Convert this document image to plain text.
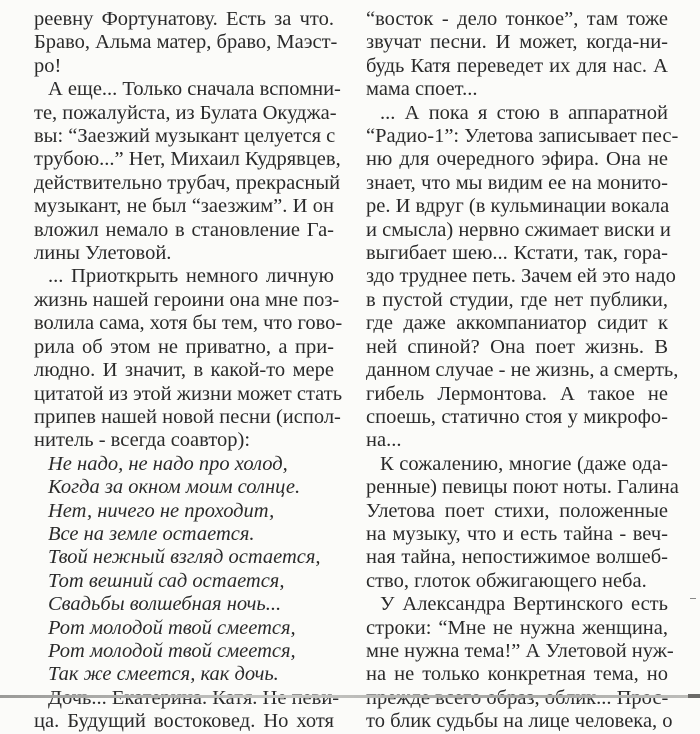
реевну Фортунатову. Есть за что.
Браво, Альма матер, браво, Маэст-
ро!
А еще... Только сначала вспомни-
те, пожалуйста, из Булата Окуджа-
вы: “Заезжий музыкант целуется с
трубою...” Нет, Михаил Кудрявцев,
действительно трубач, прекрасный
музыкант, не был “заезжим”. И он
вложил немало в становление Га-
лины Улетовой.
... Приоткрыть немного личную
жизнь нашей героини она мне поз-
волила сама, хотя бы тем, что гово-
рила об этом не приватно, а при-
людно. И значит, в какой-то мере
цитатой из этой жизни может стать
припев нашей новой песни (испол-
нитель - всегда соавтор):
Не надо, не надо про холод,
Когда за окном моим солнце.
Нет, ничего не проходит,
Все на земле остается.
Твой нежный взгляд остается,
Тот вешний сад остается,
Свадьбы волшебная ночь...
Рот молодой твой смеется,
Рот молодой твой смеется,
Так же смеется, как дочь.
ца. Будущий востоковед. Но хотя
“восток - дело тонкое”, там тоже
звучат песни. И может, когда-ни-
будь Катя переведет их для нас. А
мама споет...
... А пока я стою в аппаратной
“Радио-1”: Улетова записывает пес-
ню для очередного эфира. Она не
знает, что мы видим ее на монито-
ре. И вдруг (в кульминации вокала
и смысла) нервно сжимает виски и
выгибает шею... Кстати, так, гора-
здо труднее петь. Зачем ей это надо
в пустой студии, где нет публики,
где даже аккомпаниатор сидит к
ней спиной? Она поет жизнь. В
данном случае - не жизнь, а смерть,
гибель Лермонтова. А такое не
споешь, статично стоя у микрофо-
на...
К сожалению, многие (даже ода-
ренные) певицы поют ноты. Галина
Улетова поет стихи, положенные
на музыку, что и есть тайна - веч-
ная тайна, непостижимое волшеб-
ство, глоток обжигающего неба.
У Александра Вертинского есть
строки: “Мне не нужна женщина,
мне нужна тема!” А Улетовой нуж-
на не только конкретная тема, но
то блик судьбы на лице человека, о
